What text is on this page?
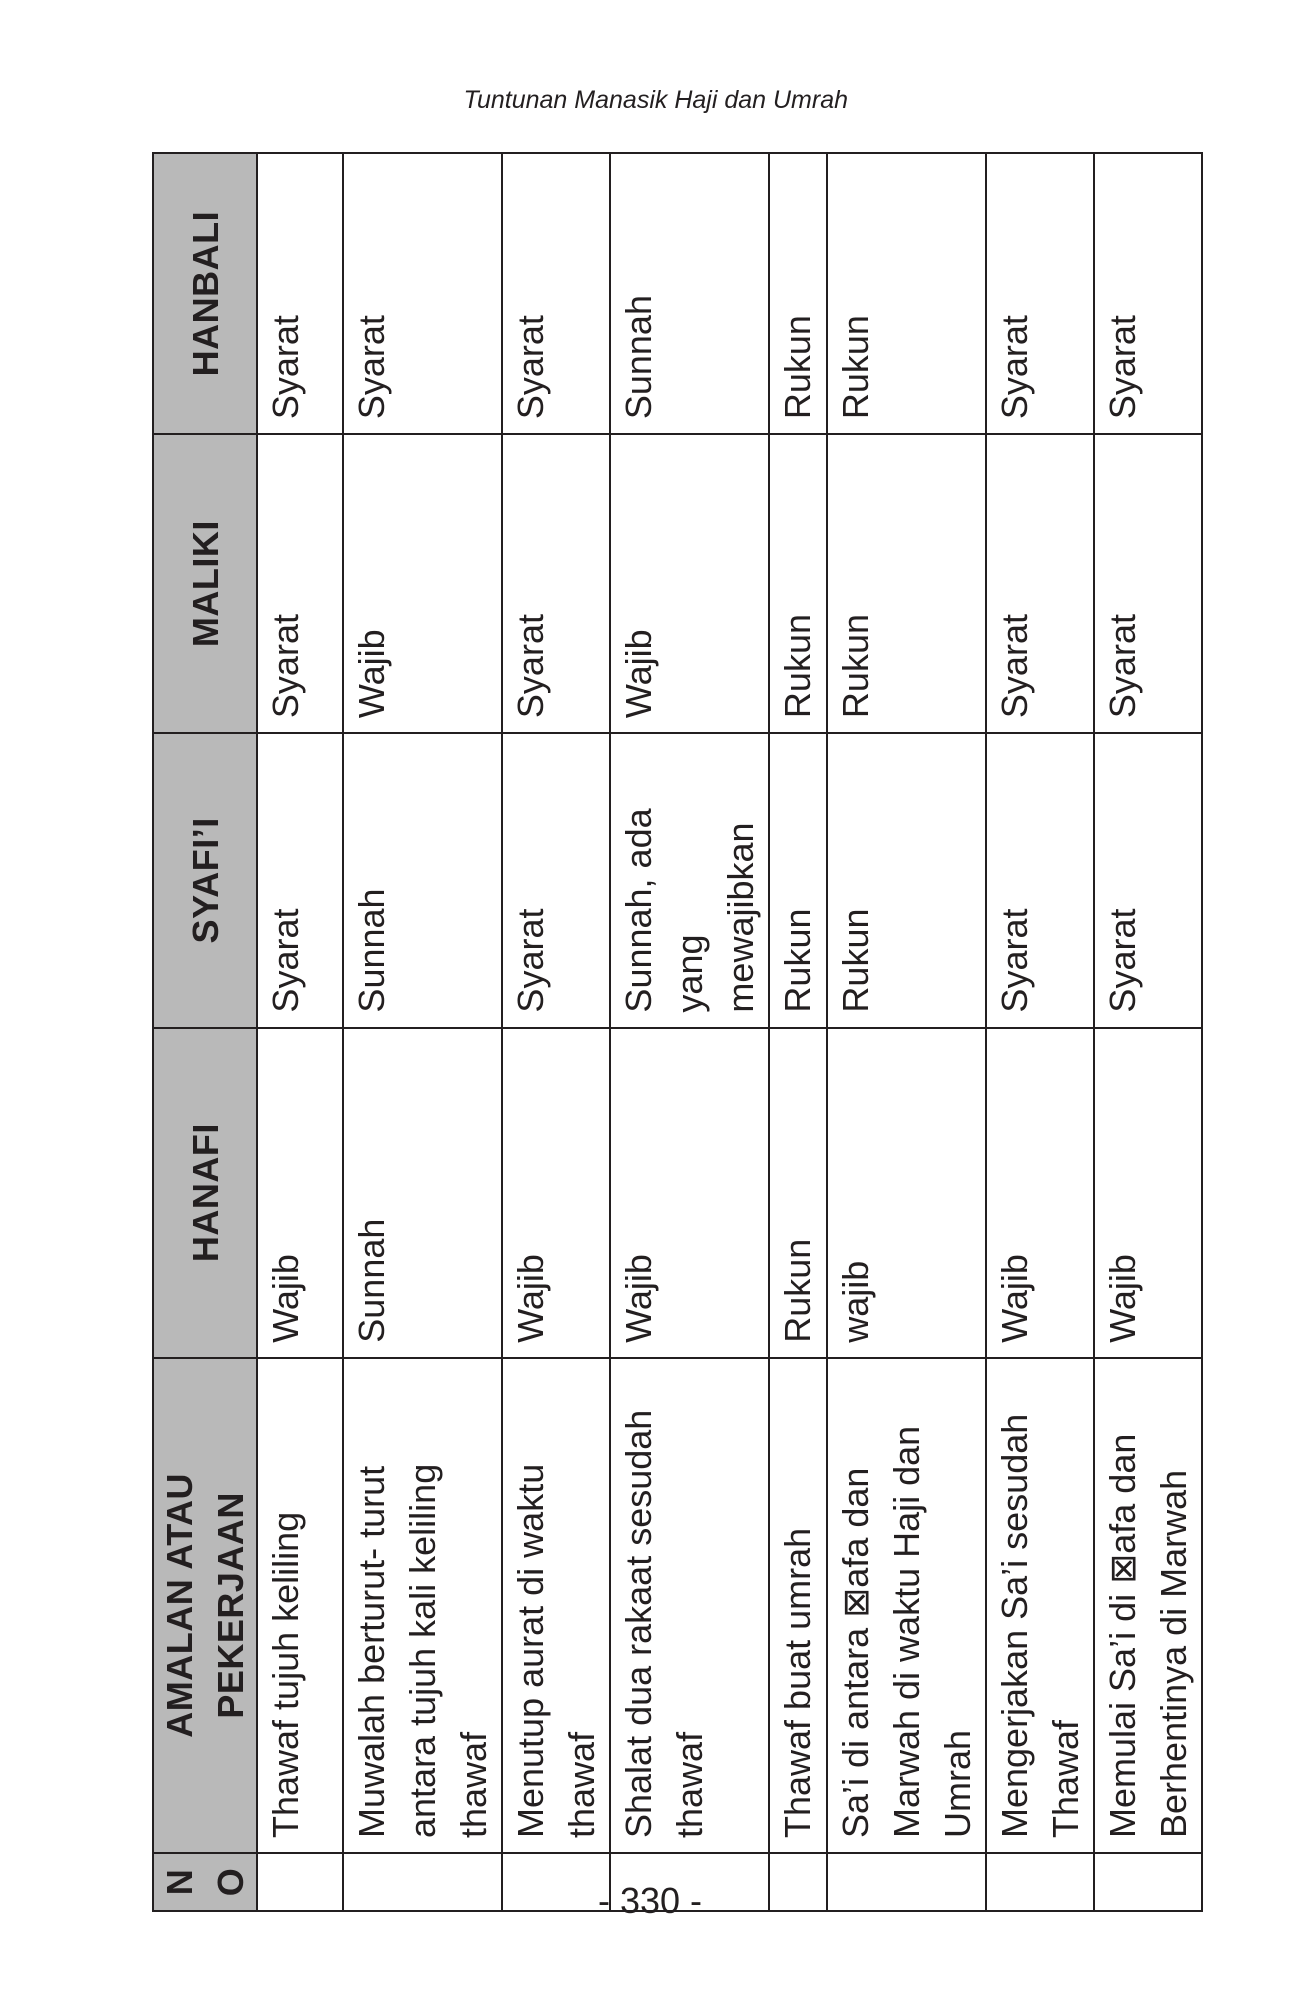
Tuntunan Manasik Haji dan Umrah
NO	AMALAN ATAU PEKERJAAN	HANAFI	SYAFI’I	MALIKI	HANBALI
	Thawaf tujuh keliling	Wajib	Syarat	Syarat	Syarat
	Muwalah berturut- turut antara tujuh kali keliling thawaf	Sunnah	Sunnah	Wajib	Syarat
	Menutup aurat di waktu thawaf	Wajib	Syarat	Syarat	Syarat
	Shalat dua rakaat sesudah thawaf	Wajib	Sunnah, ada yang mewajibkan	Wajib	Sunnah
	Thawaf buat umrah	Rukun	Rukun	Rukun	Rukun
	Sa’i di antara ⊠afa dan Marwah di waktu Haji dan Umrah	wajib	Rukun	Rukun	Rukun
	Mengerjakan Sa’i sesudah Thawaf	Wajib	Syarat	Syarat	Syarat
	Memulai Sa’i di ⊠afa dan Berhentinya di Marwah	Wajib	Syarat	Syarat	Syarat
- 330 -
